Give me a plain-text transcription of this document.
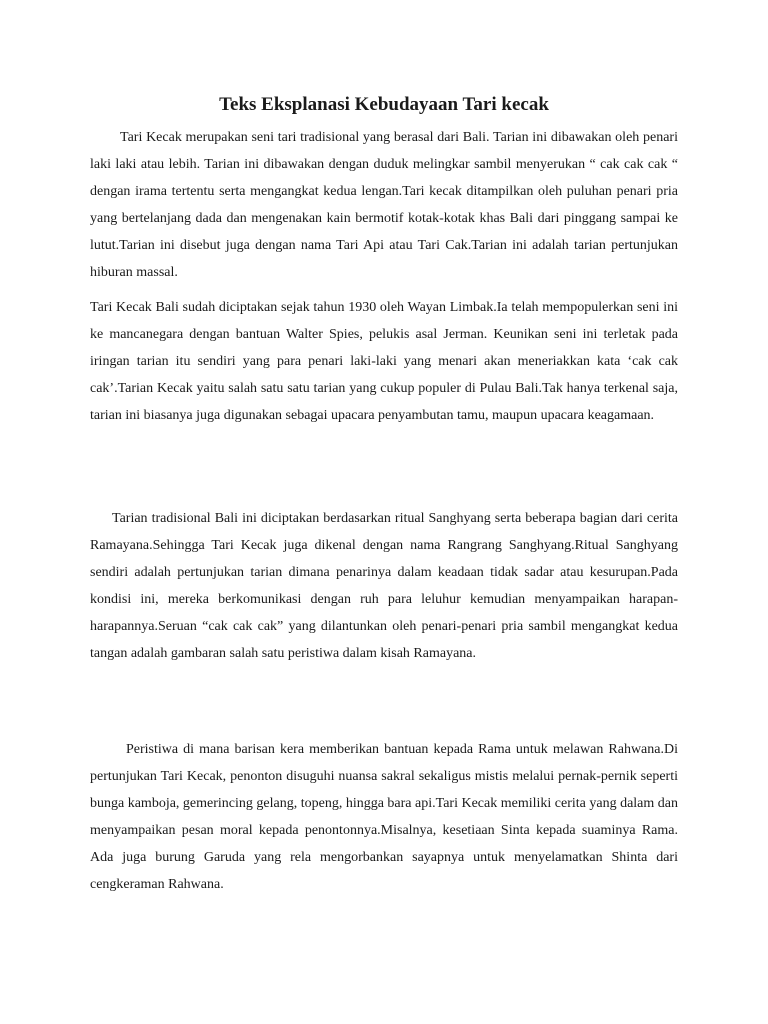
Teks Eksplanasi Kebudayaan Tari kecak

Tari Kecak merupakan seni tari tradisional yang berasal dari Bali. Tarian ini dibawakan oleh penari laki laki atau lebih. Tarian ini dibawakan dengan duduk melingkar sambil menyerukan “ cak cak cak “ dengan irama tertentu serta mengangkat kedua lengan.Tari kecak ditampilkan oleh puluhan penari pria yang bertelanjang dada dan mengenakan kain bermotif kotak-kotak khas Bali dari pinggang sampai ke lutut.Tarian ini disebut juga dengan nama Tari Api atau Tari Cak.Tarian ini adalah tarian pertunjukan hiburan massal.

Tari Kecak Bali sudah diciptakan sejak tahun 1930 oleh Wayan Limbak.Ia telah mempopulerkan seni ini ke mancanegara dengan bantuan Walter Spies, pelukis asal Jerman. Keunikan seni ini terletak pada iringan tarian itu sendiri yang para penari laki-laki yang menari akan meneriakkan kata ‘cak cak cak’.Tarian Kecak yaitu salah satu satu tarian yang cukup populer di Pulau Bali.Tak hanya terkenal saja, tarian ini biasanya juga digunakan sebagai upacara penyambutan tamu, maupun upacara keagamaan.

Tarian tradisional Bali ini diciptakan berdasarkan ritual Sanghyang serta beberapa bagian dari cerita Ramayana.Sehingga Tari Kecak juga dikenal dengan nama Rangrang Sanghyang.Ritual Sanghyang sendiri adalah pertunjukan tarian dimana penarinya dalam keadaan tidak sadar atau kesurupan.Pada kondisi ini, mereka berkomunikasi dengan ruh para leluhur kemudian menyampaikan harapan-harapannya.Seruan “cak cak cak” yang dilantunkan oleh penari-penari pria sambil mengangkat kedua tangan adalah gambaran salah satu peristiwa dalam kisah Ramayana.

Peristiwa di mana barisan kera memberikan bantuan kepada Rama untuk melawan Rahwana.Di pertunjukan Tari Kecak, penonton disuguhi nuansa sakral sekaligus mistis melalui pernak-pernik seperti bunga kamboja, gemerincing gelang, topeng, hingga bara api.Tari Kecak memiliki cerita yang dalam dan menyampaikan pesan moral kepada penontonnya.Misalnya, kesetiaan Sinta kepada suaminya Rama. Ada juga burung Garuda yang rela mengorbankan sayapnya untuk menyelamatkan Shinta dari cengkeraman Rahwana.
